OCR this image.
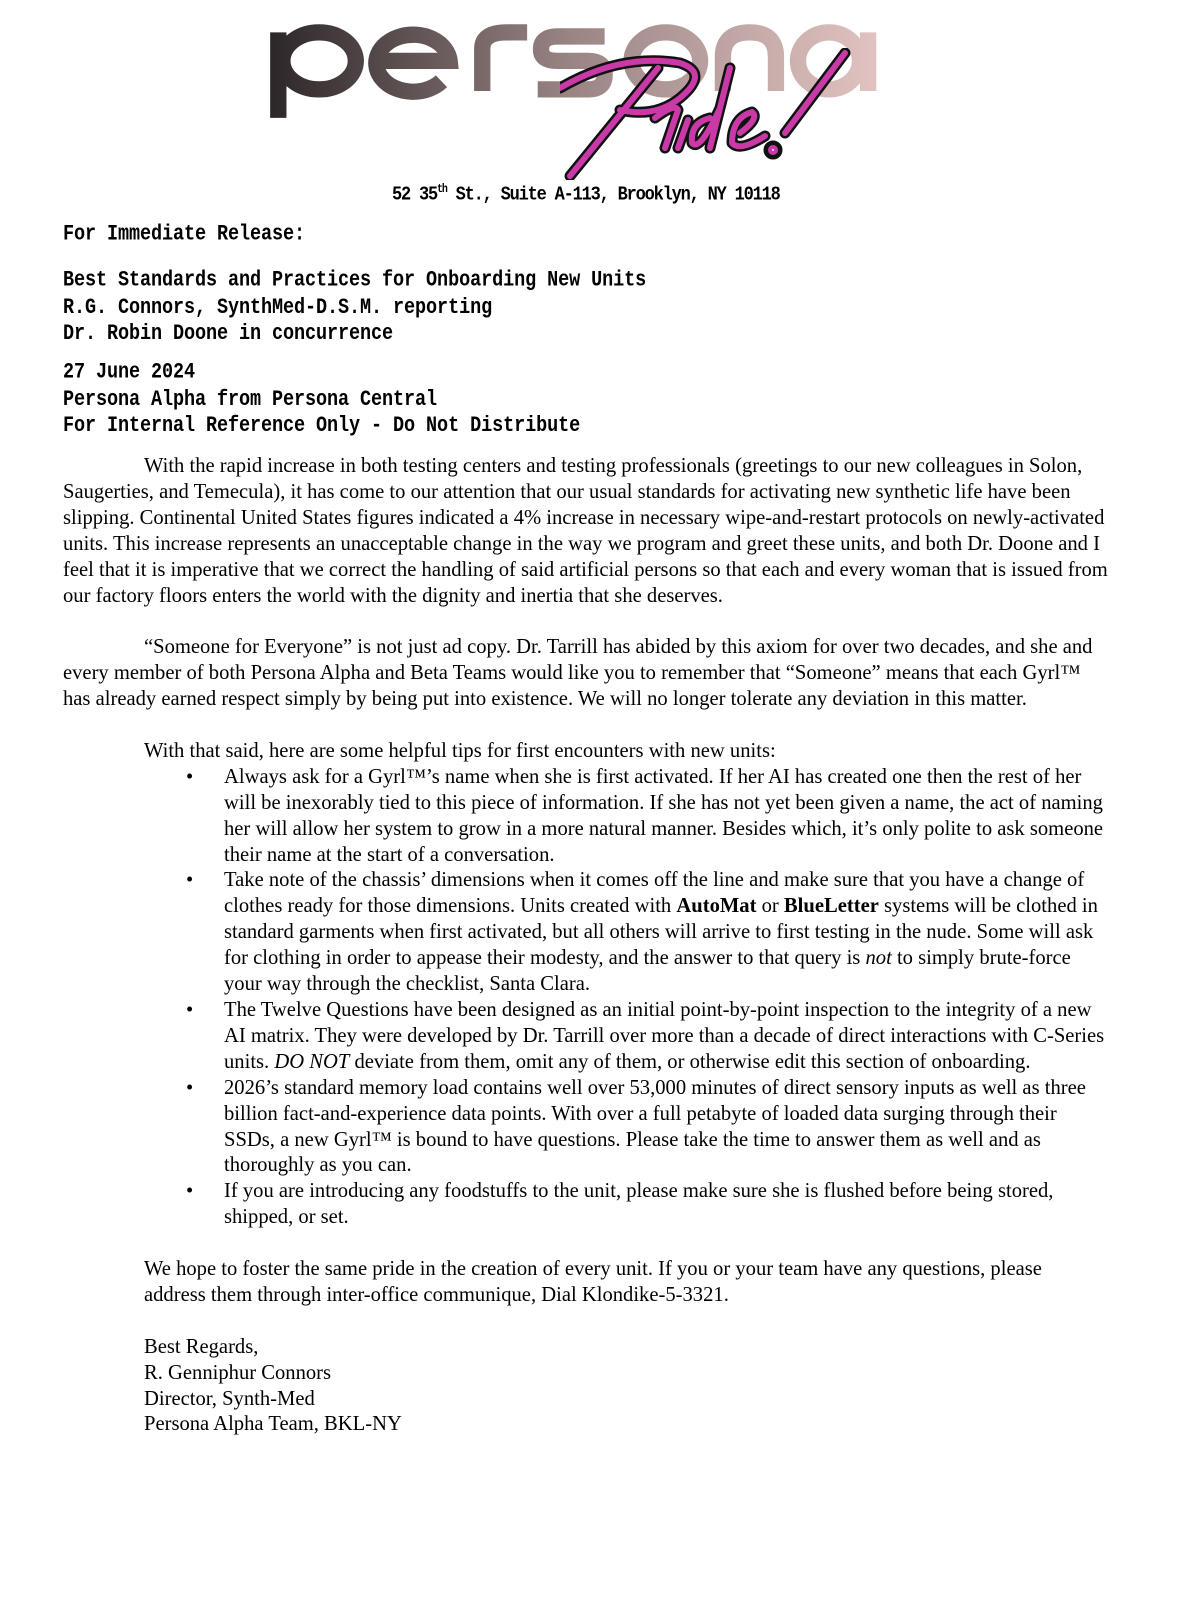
52 35th St., Suite A-113, Brooklyn, NY 10118
For Immediate Release:
Best Standards and Practices for Onboarding New Units
R.G. Connors, SynthMed-D.S.M. reporting
Dr. Robin Doone in concurrence
27 June 2024
Persona Alpha from Persona Central
For Internal Reference Only - Do Not Distribute

With the rapid increase in both testing centers and testing professionals (greetings to our new colleagues in Solon, Saugerties, and Temecula), it has come to our attention that our usual standards for activating new synthetic life have been slipping. Continental United States figures indicated a 4% increase in necessary wipe-and-restart protocols on newly-activated units. This increase represents an unacceptable change in the way we program and greet these units, and both Dr. Doone and I feel that it is imperative that we correct the handling of said artificial persons so that each and every woman that is issued from our factory floors enters the world with the dignity and inertia that she deserves.

“Someone for Everyone” is not just ad copy. Dr. Tarrill has abided by this axiom for over two decades, and she and every member of both Persona Alpha and Beta Teams would like you to remember that “Someone” means that each Gyrl™ has already earned respect simply by being put into existence. We will no longer tolerate any deviation in this matter.

With that said, here are some helpful tips for first encounters with new units:
• Always ask for a Gyrl™’s name when she is first activated. If her AI has created one then the rest of her will be inexorably tied to this piece of information. If she has not yet been given a name, the act of naming her will allow her system to grow in a more natural manner. Besides which, it’s only polite to ask someone their name at the start of a conversation.
• Take note of the chassis’ dimensions when it comes off the line and make sure that you have a change of clothes ready for those dimensions. Units created with AutoMat or BlueLetter systems will be clothed in standard garments when first activated, but all others will arrive to first testing in the nude. Some will ask for clothing in order to appease their modesty, and the answer to that query is not to simply brute-force your way through the checklist, Santa Clara.
• The Twelve Questions have been designed as an initial point-by-point inspection to the integrity of a new AI matrix. They were developed by Dr. Tarrill over more than a decade of direct interactions with C-Series units. DO NOT deviate from them, omit any of them, or otherwise edit this section of onboarding.
• 2026’s standard memory load contains well over 53,000 minutes of direct sensory inputs as well as three billion fact-and-experience data points. With over a full petabyte of loaded data surging through their SSDs, a new Gyrl™ is bound to have questions. Please take the time to answer them as well and as thoroughly as you can.
• If you are introducing any foodstuffs to the unit, please make sure she is flushed before being stored, shipped, or set.
We hope to foster the same pride in the creation of every unit. If you or your team have any questions, please address them through inter-office communique, Dial Klondike-5-3321.
Best Regards,
R. Genniphur Connors
Director, Synth-Med
Persona Alpha Team, BKL-NY
